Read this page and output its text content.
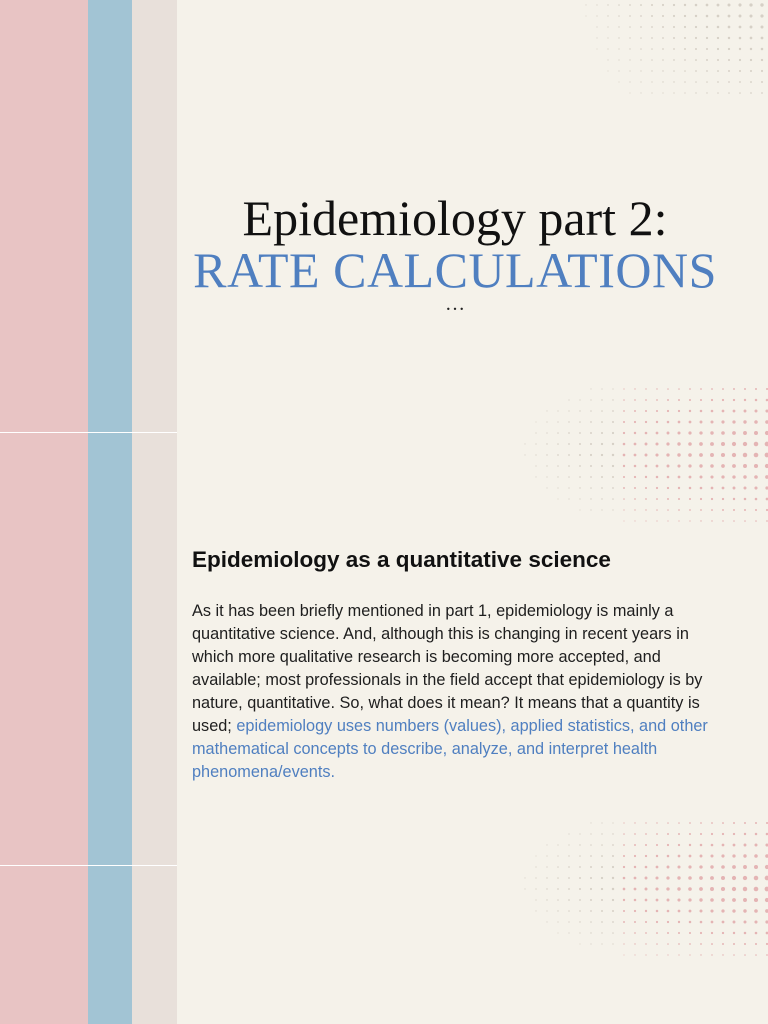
Epidemiology part 2:
RATE CALCULATIONS
…
Epidemiology as a quantitative science

As it has been briefly mentioned in part 1, epidemiology is mainly a quantitative science. And, although this is changing in recent years in which more qualitative research is becoming more accepted, and available; most professionals in the field accept that epidemiology is by nature, quantitative. So, what does it mean? It means that a quantity is used; epidemiology uses numbers (values), applied statistics, and other mathematical concepts to describe, analyze, and interpret health phenomena/events.
